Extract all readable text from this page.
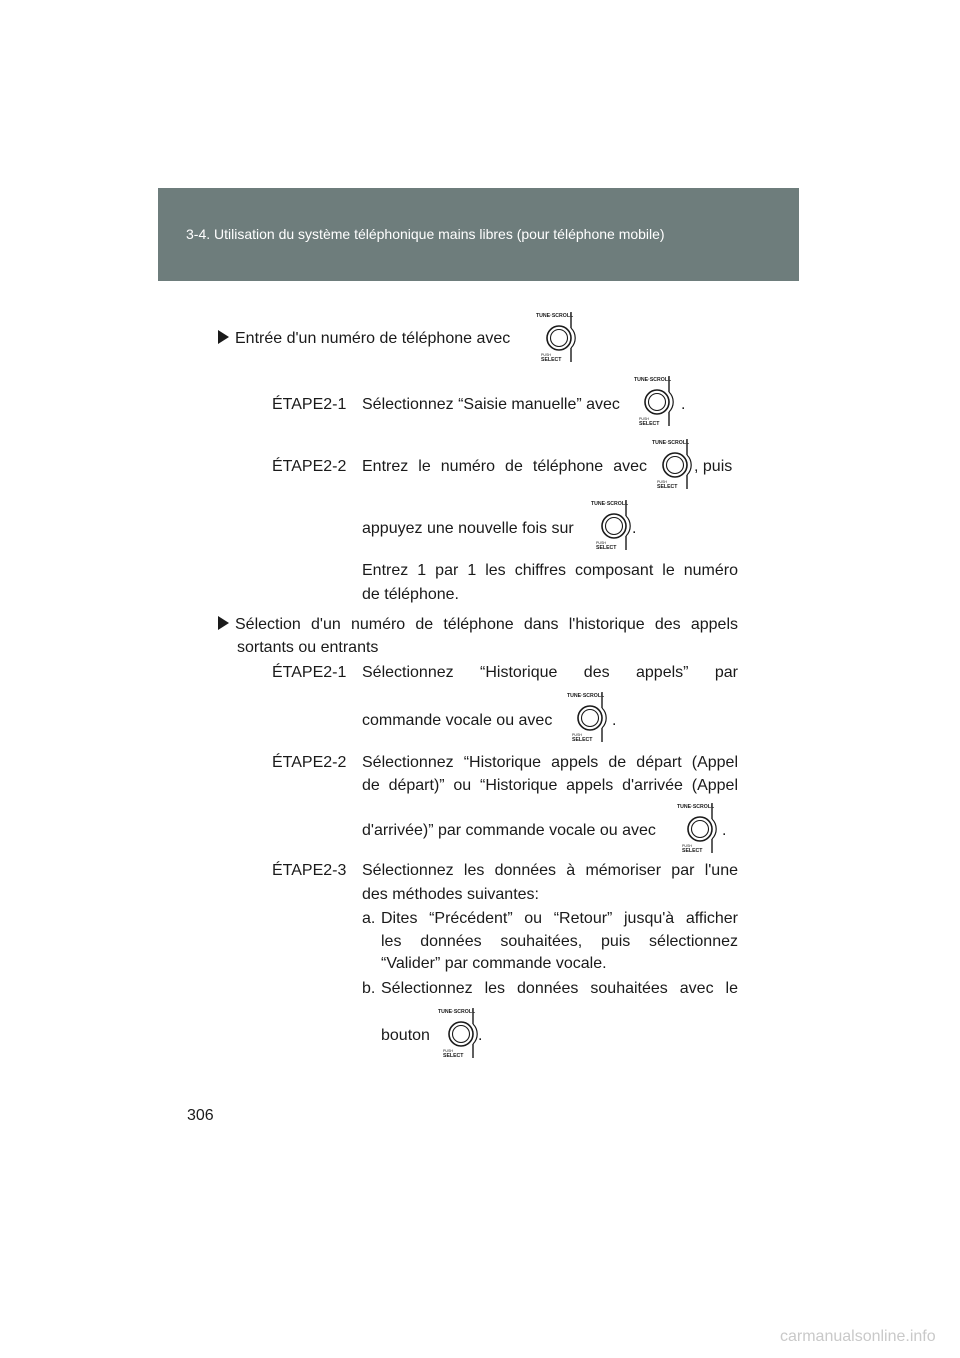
3-4. Utilisation du système téléphonique mains libres (pour téléphone mobile)
Entrée d'un numéro de téléphone avec
TUNE·SCROLL
PUSH
SELECT
ÉTAPE2-1 Sélectionnez “Saisie manuelle” avec
TUNE·SCROLL
PUSH
SELECT
.
ÉTAPE2-2 Entrez le numéro de téléphone avec
TUNE·SCROLL
PUSH
SELECT
, puis
appuyez une nouvelle fois sur
TUNE·SCROLL
PUSH
SELECT
.
Entrez 1 par 1 les chiffres composant le numéro
de téléphone.
Sélection d'un numéro de téléphone dans l'historique des appels
sortants ou entrants
ÉTAPE2-1 Sélectionnez “Historique des appels” par
commande vocale ou avec
TUNE·SCROLL
PUSH
SELECT
.
ÉTAPE2-2 Sélectionnez “Historique appels de départ (Appel
de départ)” ou “Historique appels d'arrivée (Appel
d'arrivée)” par commande vocale ou avec
TUNE·SCROLL
PUSH
SELECT
.
ÉTAPE2-3 Sélectionnez les données à mémoriser par l'une
des méthodes suivantes:
a. Dites “Précédent” ou “Retour” jusqu'à afficher
les données souhaitées, puis sélectionnez
“Valider” par commande vocale.
b. Sélectionnez les données souhaitées avec le
bouton
TUNE·SCROLL
PUSH
SELECT
.
306
carmanualsonline.info
